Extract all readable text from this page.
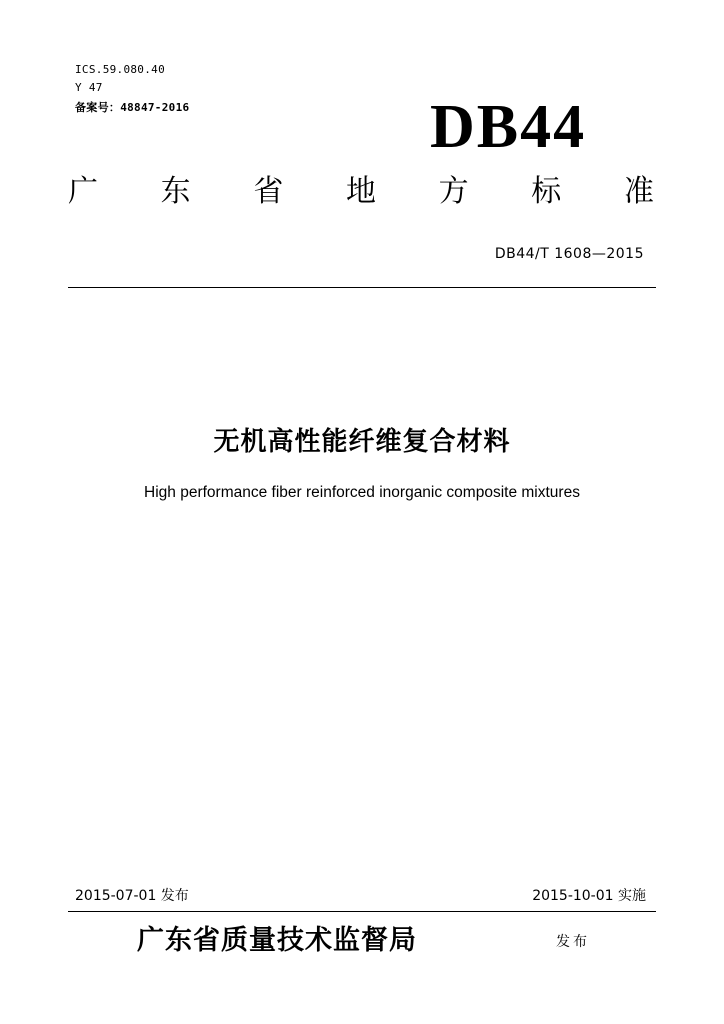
ICS.59.080.40
Y 47
备案号：48847-2016	DB44
广 东 省 地 方 标 准
DB44/T 1608—2015
无机高性能纤维复合材料
High performance fiber reinforced inorganic composite mixtures
2015-07-01 发布	2015-10-01 实施
广东省质量技术监督局	发布
